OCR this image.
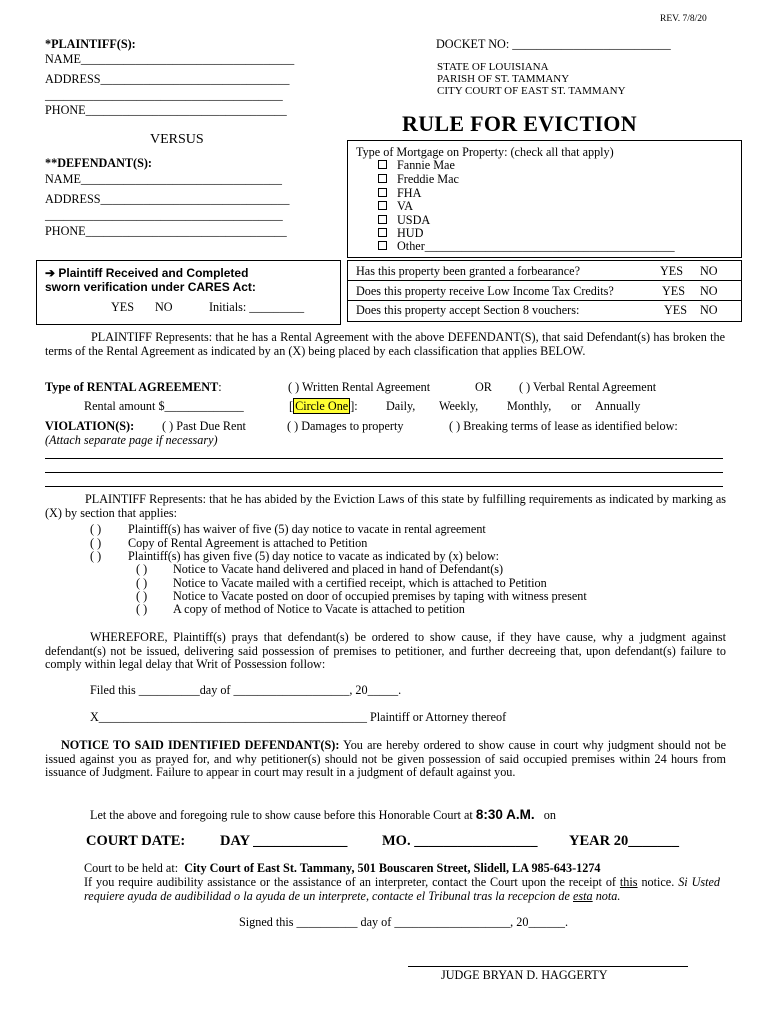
REV. 7/8/20
*PLAINTIFF(S):
NAME___________________________________
ADDRESS_______________________________
_______________________________________
PHONE_________________________________
VERSUS
**DEFENDANT(S):
NAME_________________________________
ADDRESS_______________________________
_______________________________________
PHONE_________________________________
DOCKET NO: __________________________
STATE OF LOUISIANA
PARISH OF ST. TAMMANY
CITY COURT OF EAST ST. TAMMANY
RULE FOR EVICTION
Type of Mortgage on Property: (check all that apply)
Fannie Mae
Freddie Mac
FHA
VA
USDA
HUD
Other_________________________________________
Has this property been granted a forbearance?	YES NO
Does this property receive Low Income Tax Credits?	YES NO
Does this property accept Section 8 vouchers:	YES NO
➔ Plaintiff Received and Completed
sworn verification under CARES Act:
YES NO	Initials: _________
PLAINTIFF Represents: that he has a Rental Agreement with the above DEFENDANT(S), that said Defendant(s) has broken the terms of the Rental Agreement as indicated by an (X) being placed by each classification that applies BELOW.
Type of RENTAL AGREEMENT:	( ) Written Rental Agreement	OR ( ) Verbal Rental Agreement
Rental amount $_____________	[ Circle One ]: Daily, Weekly, Monthly, or Annually
VIOLATION(S): ( ) Past Due Rent	( ) Damages to property	( ) Breaking terms of lease as identified below:
(Attach separate page if necessary)
PLAINTIFF Represents: that he has abided by the Eviction Laws of this state by fulfilling requirements as indicated by marking as (X) by section that applies:
( ) Plaintiff(s) has waiver of five (5) day notice to vacate in rental agreement
( ) Copy of Rental Agreement is attached to Petition
( ) Plaintiff(s) has given five (5) day notice to vacate as indicated by (x) below:
( ) Notice to Vacate hand delivered and placed in hand of Defendant(s)
( ) Notice to Vacate mailed with a certified receipt, which is attached to Petition
( ) Notice to Vacate posted on door of occupied premises by taping with witness present
( ) A copy of method of Notice to Vacate is attached to petition
WHEREFORE, Plaintiff(s) prays that defendant(s) be ordered to show cause, if they have cause, why a judgment against defendant(s) not be issued, delivering said possession of premises to petitioner, and further decreeing that, upon defendant(s) failure to comply within legal delay that Writ of Possession follow:
Filed this __________day of ___________________, 20_____.
X____________________________________________ Plaintiff or Attorney thereof
NOTICE TO SAID IDENTIFIED DEFENDANT(S): You are hereby ordered to show cause in court why judgment should not be issued against you as prayed for, and why petitioner(s) should not be given possession of said occupied premises within 24 hours from issuance of Judgment. Failure to appear in court may result in a judgment of default against you.
Let the above and foregoing rule to show cause before this Honorable Court at 8:30 A.M. on
COURT DATE: DAY _____________ MO. _________________ YEAR 20_______
Court to be held at: City Court of East St. Tammany, 501 Bouscaren Street, Slidell, LA 985-643-1274
If you require audibility assistance or the assistance of an interpreter, contact the Court upon the receipt of this notice. Si Usted requiere ayuda de audibilidad o la ayuda de un interprete, contacte el Tribunal tras la recepcion de esta nota.
Signed this __________ day of ___________________, 20______.
JUDGE BRYAN D. HAGGERTY
